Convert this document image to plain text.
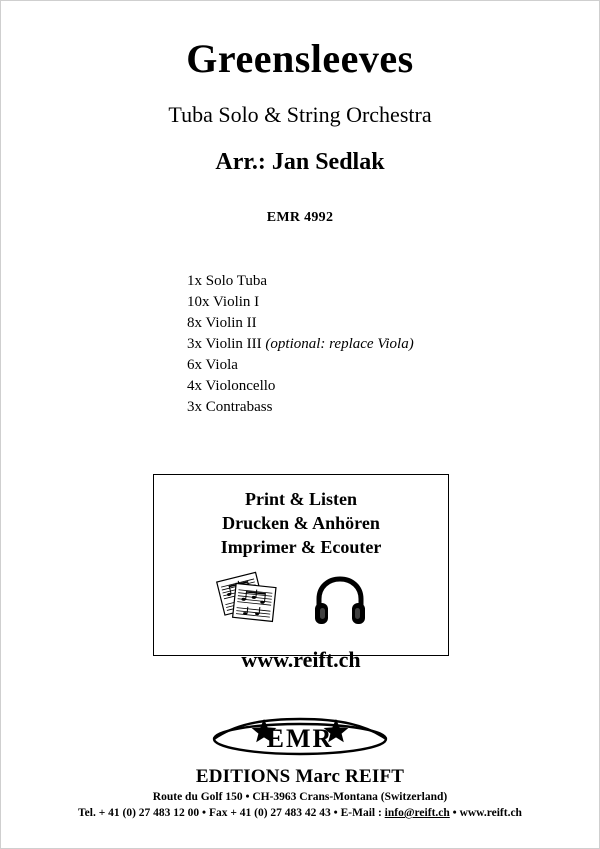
Greensleeves
Tuba Solo & String Orchestra
Arr.: Jan Sedlak
EMR 4992
1x Solo Tuba
10x Violin I
8x Violin II
3x Violin III (optional: replace Viola)
6x Viola
4x Violoncello
3x Contrabass
Print & Listen
Drucken & Anhören
Imprimer & Ecouter
www.reift.ch
EMR
EDITIONS Marc REIFT
Route du Golf 150 • CH-3963 Crans-Montana (Switzerland)
Tel. + 41 (0) 27 483 12 00 • Fax + 41 (0) 27 483 42 43 • E-Mail : info@reift.ch • www.reift.ch
